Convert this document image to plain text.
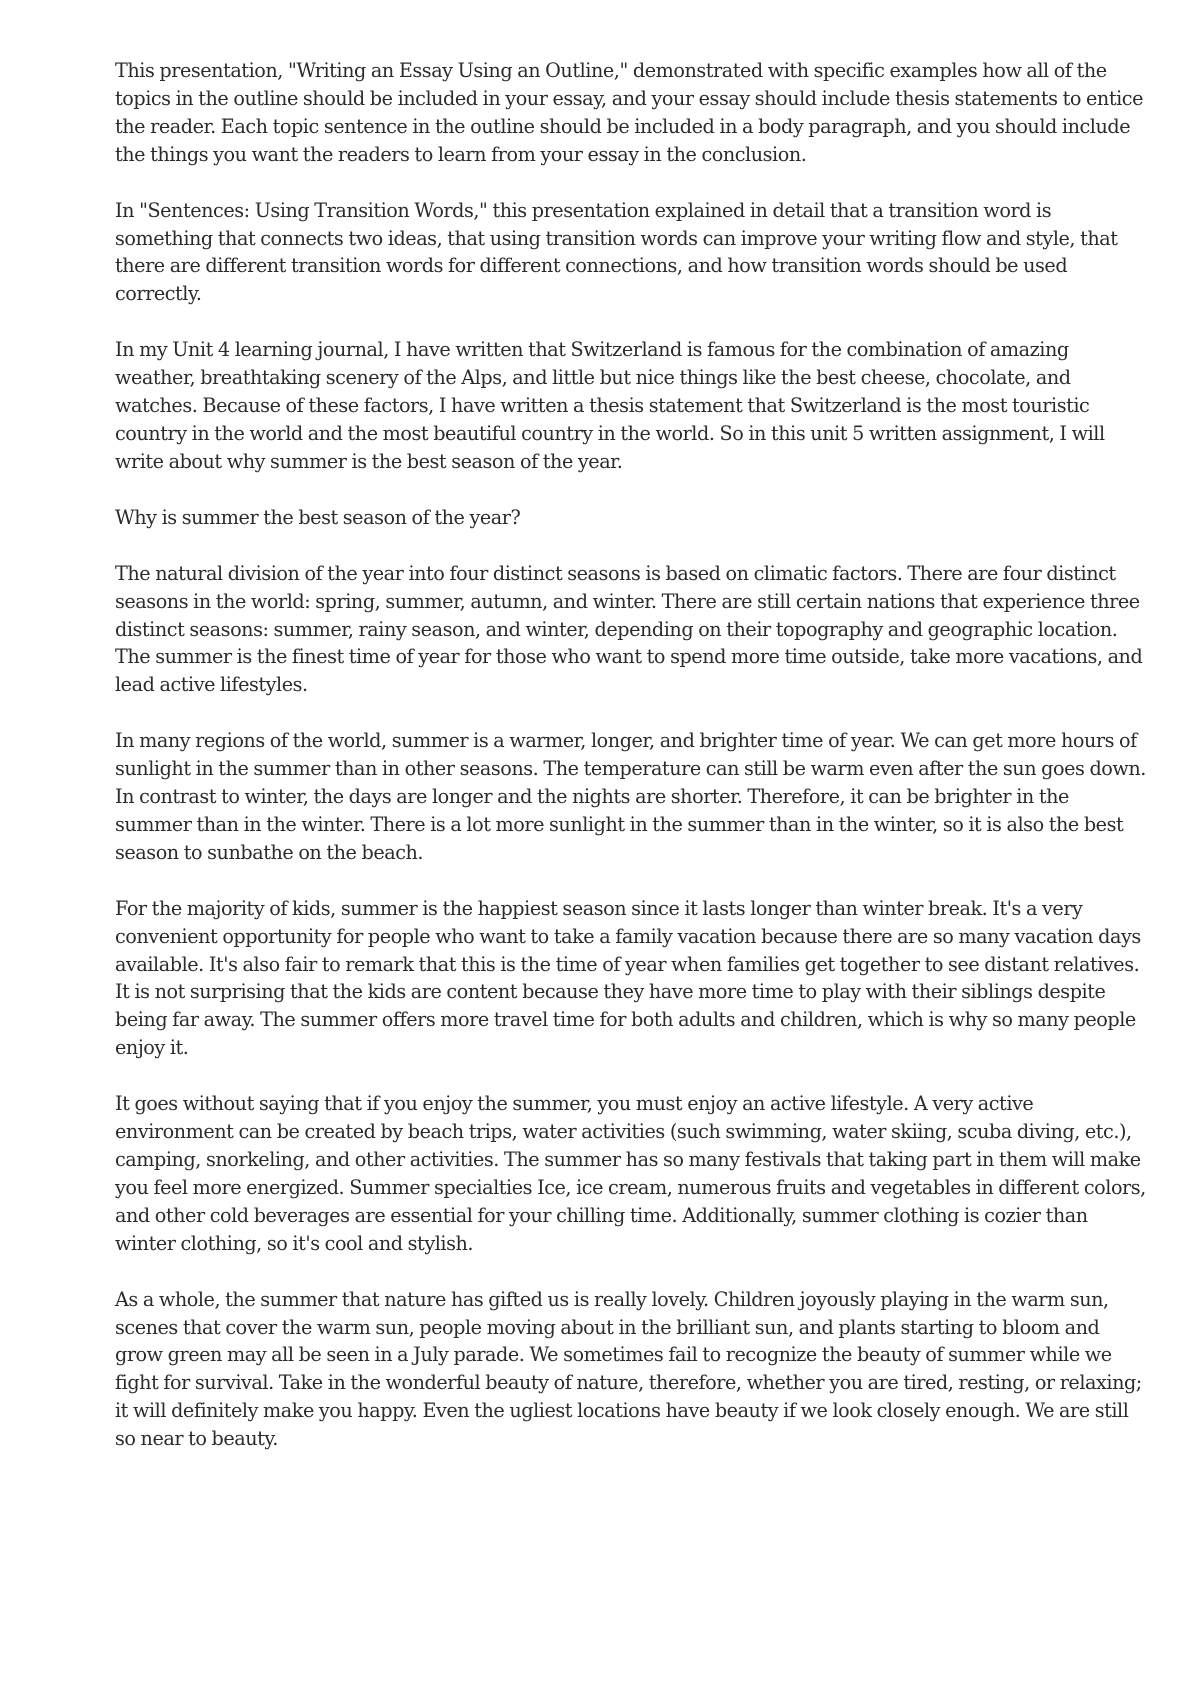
This presentation, "Writing an Essay Using an Outline," demonstrated with specific examples how all of the topics in the outline should be included in your essay, and your essay should include thesis statements to entice the reader. Each topic sentence in the outline should be included in a body paragraph, and you should include the things you want the readers to learn from your essay in the conclusion.

In "Sentences: Using Transition Words," this presentation explained in detail that a transition word is something that connects two ideas, that using transition words can improve your writing flow and style, that there are different transition words for different connections, and how transition words should be used correctly.

In my Unit 4 learning journal, I have written that Switzerland is famous for the combination of amazing weather, breathtaking scenery of the Alps, and little but nice things like the best cheese, chocolate, and watches. Because of these factors, I have written a thesis statement that Switzerland is the most touristic country in the world and the most beautiful country in the world. So in this unit 5 written assignment, I will write about why summer is the best season of the year.

Why is summer the best season of the year?

The natural division of the year into four distinct seasons is based on climatic factors. There are four distinct seasons in the world: spring, summer, autumn, and winter. There are still certain nations that experience three distinct seasons: summer, rainy season, and winter, depending on their topography and geographic location. The summer is the finest time of year for those who want to spend more time outside, take more vacations, and lead active lifestyles.

In many regions of the world, summer is a warmer, longer, and brighter time of year. We can get more hours of sunlight in the summer than in other seasons. The temperature can still be warm even after the sun goes down. In contrast to winter, the days are longer and the nights are shorter. Therefore, it can be brighter in the summer than in the winter. There is a lot more sunlight in the summer than in the winter, so it is also the best season to sunbathe on the beach.

For the majority of kids, summer is the happiest season since it lasts longer than winter break. It's a very convenient opportunity for people who want to take a family vacation because there are so many vacation days available. It's also fair to remark that this is the time of year when families get together to see distant relatives. It is not surprising that the kids are content because they have more time to play with their siblings despite being far away. The summer offers more travel time for both adults and children, which is why so many people enjoy it.

It goes without saying that if you enjoy the summer, you must enjoy an active lifestyle. A very active environment can be created by beach trips, water activities (such swimming, water skiing, scuba diving, etc.), camping, snorkeling, and other activities. The summer has so many festivals that taking part in them will make you feel more energized. Summer specialties Ice, ice cream, numerous fruits and vegetables in different colors, and other cold beverages are essential for your chilling time. Additionally, summer clothing is cozier than winter clothing, so it's cool and stylish.

As a whole, the summer that nature has gifted us is really lovely. Children joyously playing in the warm sun, scenes that cover the warm sun, people moving about in the brilliant sun, and plants starting to bloom and grow green may all be seen in a July parade. We sometimes fail to recognize the beauty of summer while we fight for survival. Take in the wonderful beauty of nature, therefore, whether you are tired, resting, or relaxing; it will definitely make you happy. Even the ugliest locations have beauty if we look closely enough. We are still so near to beauty.
